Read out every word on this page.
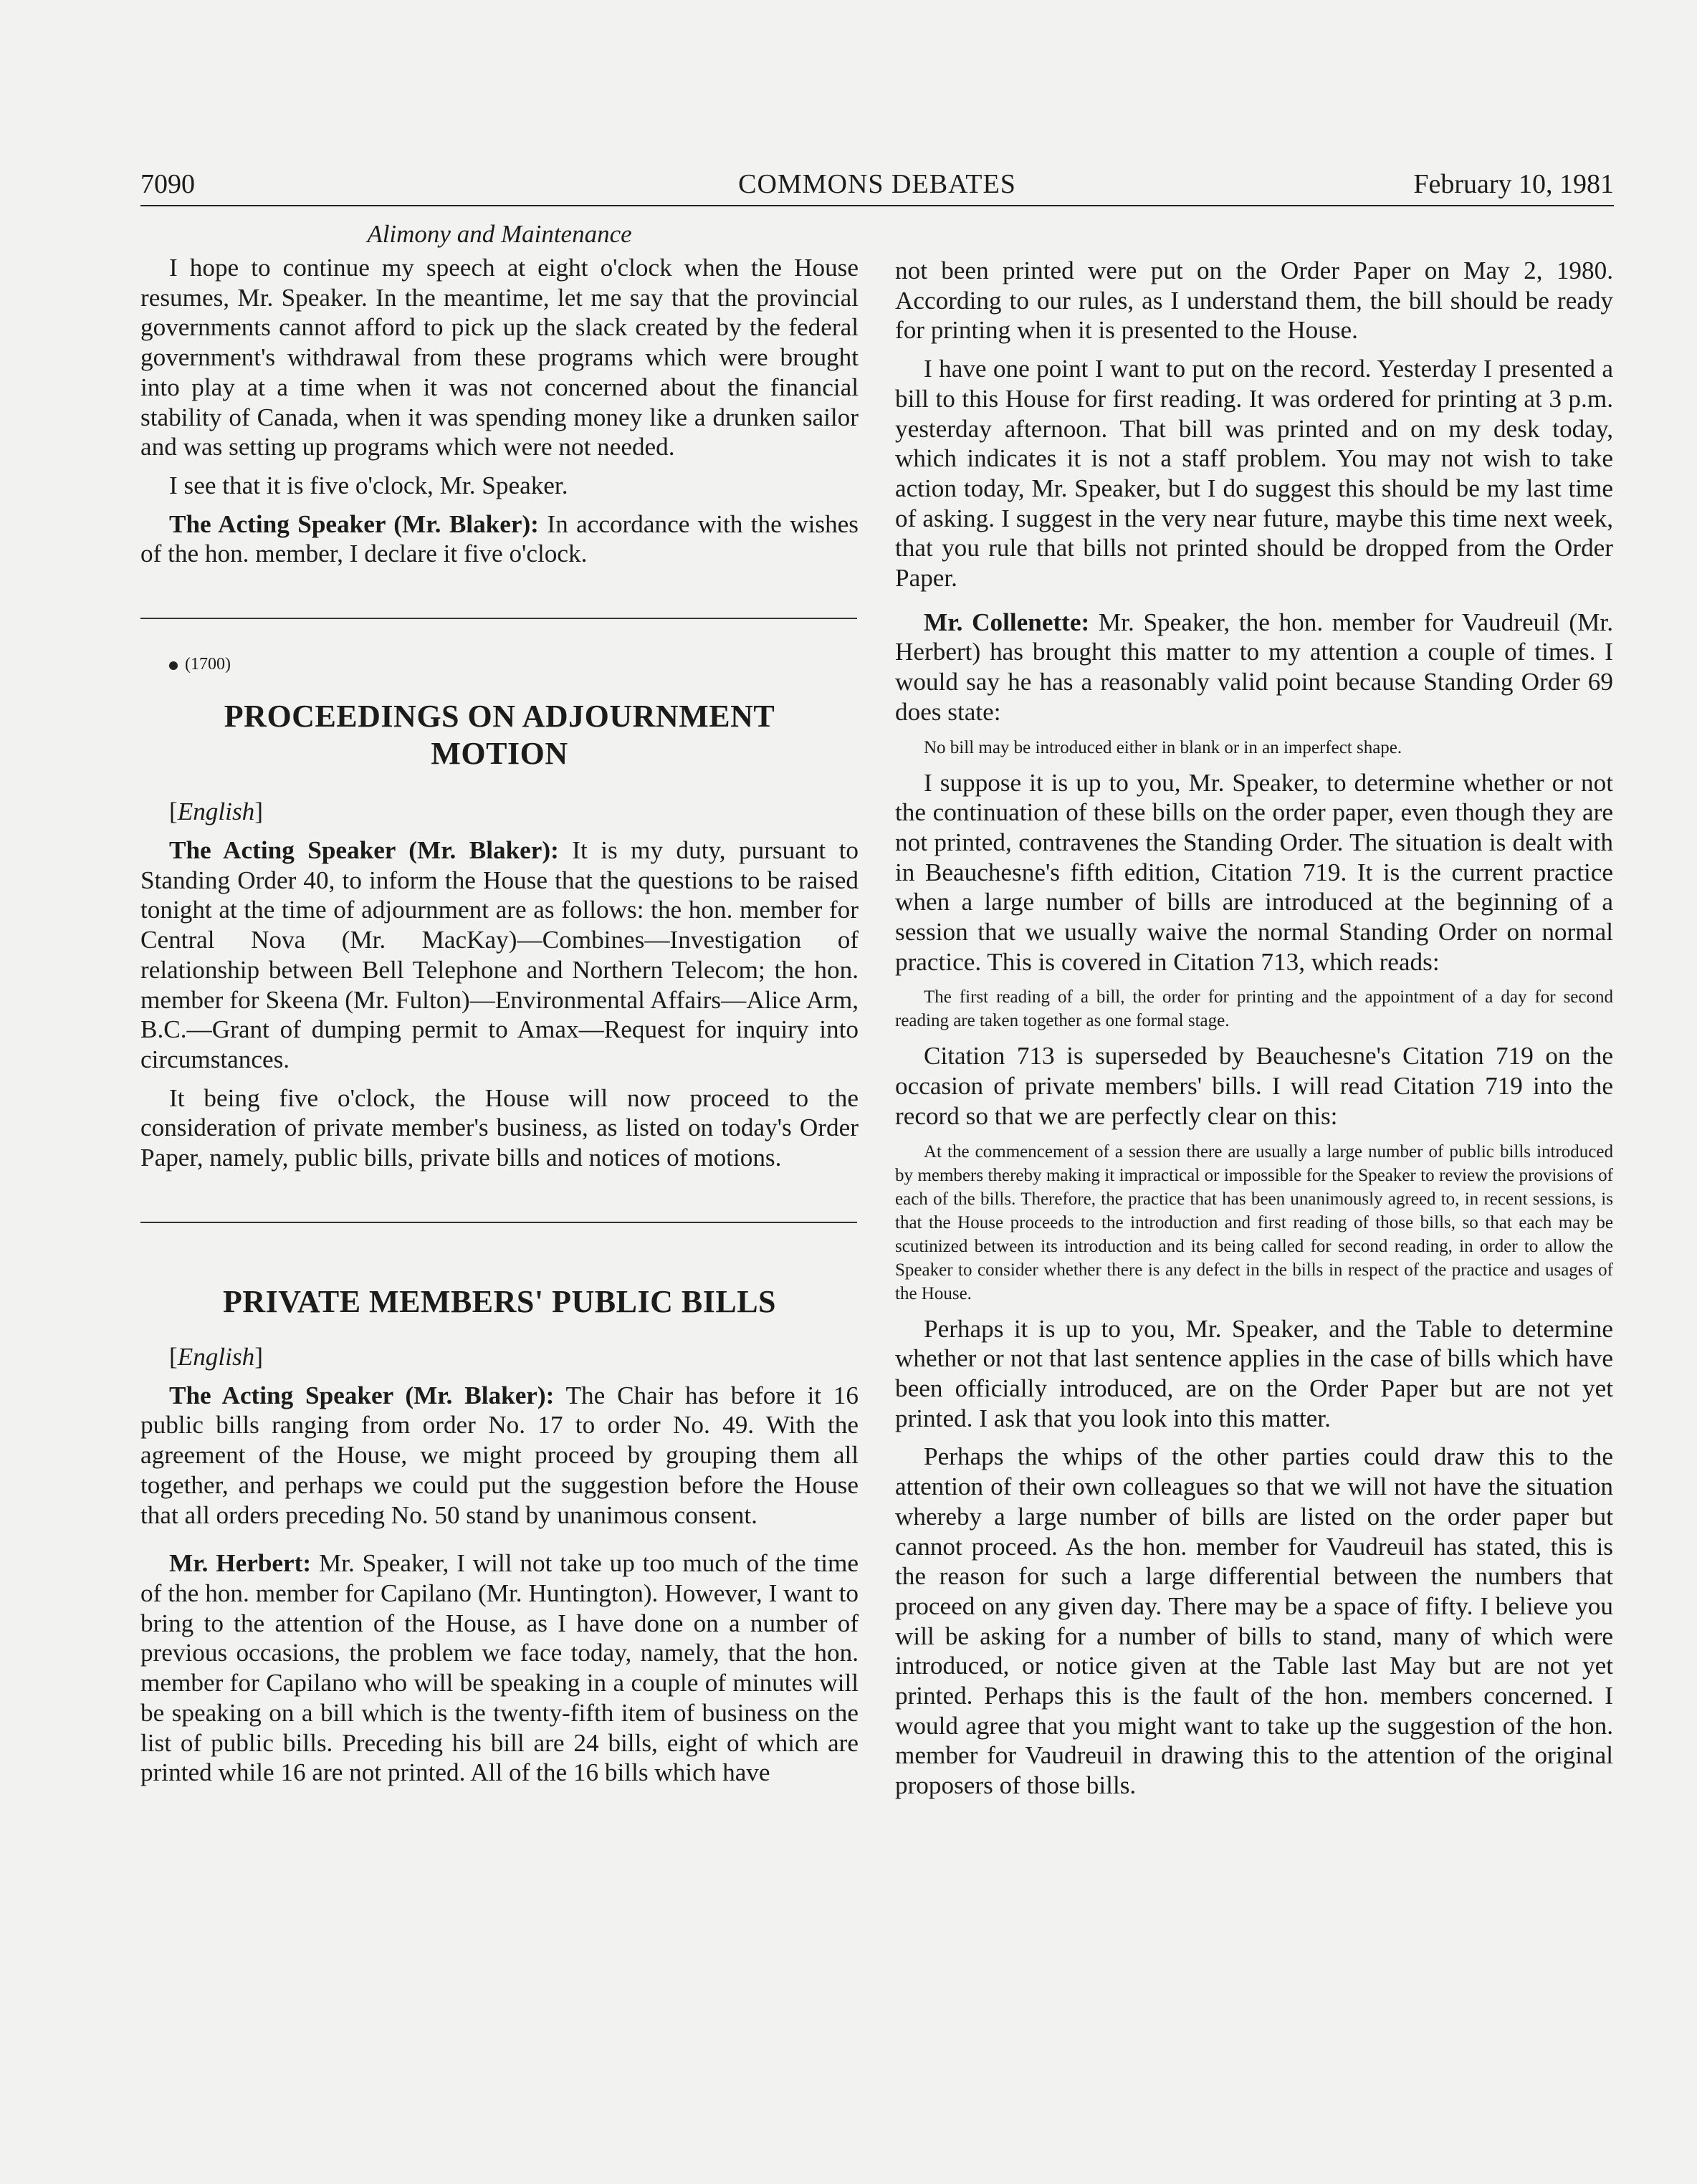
7090	COMMONS DEBATES	February 10, 1981
Alimony and Maintenance

I hope to continue my speech at eight o'clock when the House resumes, Mr. Speaker. In the meantime, let me say that the provincial governments cannot afford to pick up the slack created by the federal government's withdrawal from these programs which were brought into play at a time when it was not concerned about the financial stability of Canada, when it was spending money like a drunken sailor and was setting up programs which were not needed.

I see that it is five o'clock, Mr. Speaker.

The Acting Speaker (Mr. Blaker): In accordance with the wishes of the hon. member, I declare it five o'clock.

(1700)

PROCEEDINGS ON ADJOURNMENT
MOTION

[English]

The Acting Speaker (Mr. Blaker): It is my duty, pursuant to Standing Order 40, to inform the House that the questions to be raised tonight at the time of adjournment are as follows: the hon. member for Central Nova (Mr. MacKay)—Combines—Investigation of relationship between Bell Telephone and Northern Telecom; the hon. member for Skeena (Mr. Fulton)—Environmental Affairs—Alice Arm, B.C.—Grant of dumping permit to Amax—Request for inquiry into circumstances.

It being five o'clock, the House will now proceed to the consideration of private member's business, as listed on today's Order Paper, namely, public bills, private bills and notices of motions.

PRIVATE MEMBERS' PUBLIC BILLS

[English]

The Acting Speaker (Mr. Blaker): The Chair has before it 16 public bills ranging from order No. 17 to order No. 49. With the agreement of the House, we might proceed by grouping them all together, and perhaps we could put the suggestion before the House that all orders preceding No. 50 stand by unanimous consent.

Mr. Herbert: Mr. Speaker, I will not take up too much of the time of the hon. member for Capilano (Mr. Huntington). However, I want to bring to the attention of the House, as I have done on a number of previous occasions, the problem we face today, namely, that the hon. member for Capilano who will be speaking in a couple of minutes will be speaking on a bill which is the twenty-fifth item of business on the list of public bills. Preceding his bill are 24 bills, eight of which are printed while 16 are not printed. All of the 16 bills which have

not been printed were put on the Order Paper on May 2, 1980. According to our rules, as I understand them, the bill should be ready for printing when it is presented to the House.

I have one point I want to put on the record. Yesterday I presented a bill to this House for first reading. It was ordered for printing at 3 p.m. yesterday afternoon. That bill was printed and on my desk today, which indicates it is not a staff problem. You may not wish to take action today, Mr. Speaker, but I do suggest this should be my last time of asking. I suggest in the very near future, maybe this time next week, that you rule that bills not printed should be dropped from the Order Paper.

Mr. Collenette: Mr. Speaker, the hon. member for Vaudreuil (Mr. Herbert) has brought this matter to my attention a couple of times. I would say he has a reasonably valid point because Standing Order 69 does state:

No bill may be introduced either in blank or in an imperfect shape.

I suppose it is up to you, Mr. Speaker, to determine whether or not the continuation of these bills on the order paper, even though they are not printed, contravenes the Standing Order. The situation is dealt with in Beauchesne's fifth edition, Citation 719. It is the current practice when a large number of bills are introduced at the beginning of a session that we usually waive the normal Standing Order on normal practice. This is covered in Citation 713, which reads:

The first reading of a bill, the order for printing and the appointment of a day for second reading are taken together as one formal stage.

Citation 713 is superseded by Beauchesne's Citation 719 on the occasion of private members' bills. I will read Citation 719 into the record so that we are perfectly clear on this:

At the commencement of a session there are usually a large number of public bills introduced by members thereby making it impractical or impossible for the Speaker to review the provisions of each of the bills. Therefore, the practice that has been unanimously agreed to, in recent sessions, is that the House proceeds to the introduction and first reading of those bills, so that each may be scutinized between its introduction and its being called for second reading, in order to allow the Speaker to consider whether there is any defect in the bills in respect of the practice and usages of the House.

Perhaps it is up to you, Mr. Speaker, and the Table to determine whether or not that last sentence applies in the case of bills which have been officially introduced, are on the Order Paper but are not yet printed. I ask that you look into this matter.

Perhaps the whips of the other parties could draw this to the attention of their own colleagues so that we will not have the situation whereby a large number of bills are listed on the order paper but cannot proceed. As the hon. member for Vaudreuil has stated, this is the reason for such a large differential between the numbers that proceed on any given day. There may be a space of fifty. I believe you will be asking for a number of bills to stand, many of which were introduced, or notice given at the Table last May but are not yet printed. Perhaps this is the fault of the hon. members concerned. I would agree that you might want to take up the suggestion of the hon. member for Vaudreuil in drawing this to the attention of the original proposers of those bills.
